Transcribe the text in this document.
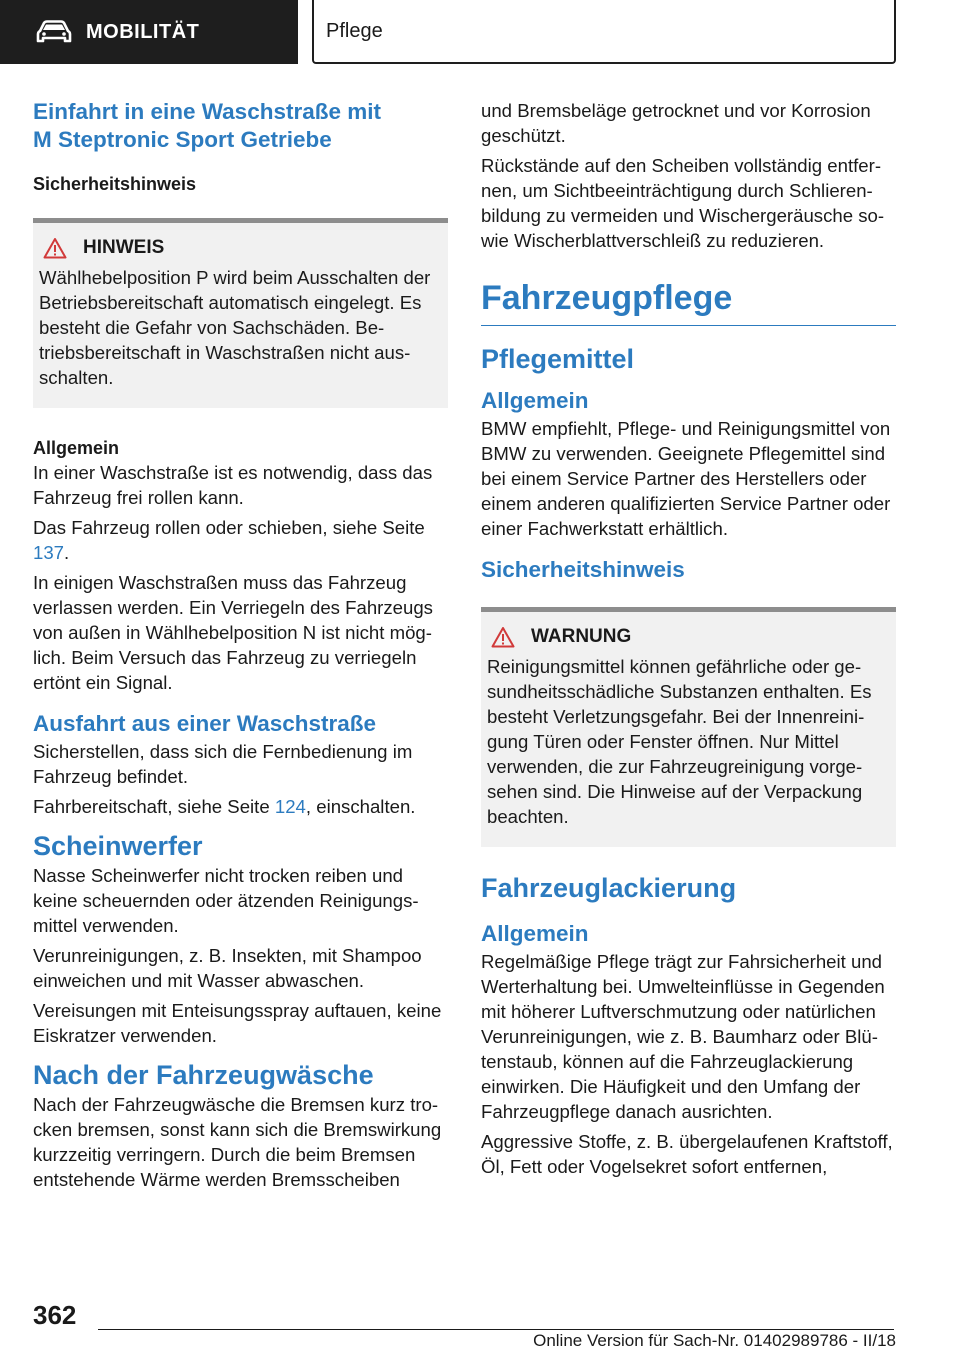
MOBILITÄT	Pflege
Einfahrt in eine Waschstraße mit
M Steptronic Sport Getriebe
Sicherheitshinweis
HINWEIS

Wählhebelposition P wird beim Ausschalten der Betriebsbereitschaft automatisch eingelegt. Es besteht die Gefahr von Sachschäden. Betriebsbereitschaft in Waschstraßen nicht ausschalten.

Allgemein

In einer Waschstraße ist es notwendig, dass das Fahrzeug frei rollen kann.

Das Fahrzeug rollen oder schieben, siehe Seite 137.

In einigen Waschstraßen muss das Fahrzeug verlassen werden. Ein Verriegeln des Fahrzeugs von außen in Wählhebelposition N ist nicht möglich. Beim Versuch das Fahrzeug zu verriegeln ertönt ein Signal.

Ausfahrt aus einer Waschstraße

Sicherstellen, dass sich die Fernbedienung im Fahrzeug befindet.

Fahrbereitschaft, siehe Seite 124, einschalten.

Scheinwerfer

Nasse Scheinwerfer nicht trocken reiben und keine scheuernden oder ätzenden Reinigungsmittel verwenden.

Verunreinigungen, z. B. Insekten, mit Shampoo einweichen und mit Wasser abwaschen.

Vereisungen mit Enteisungsspray auftauen, keine Eiskratzer verwenden.

Nach der Fahrzeugwäsche

Nach der Fahrzeugwäsche die Bremsen kurz trocken bremsen, sonst kann sich die Bremswirkung kurzzeitig verringern. Durch die beim Bremsen entstehende Wärme werden Bremsscheiben

und Bremsbeläge getrocknet und vor Korrosion geschützt.

Rückstände auf den Scheiben vollständig entfernen, um Sichtbeeinträchtigung durch Schlierenbildung zu vermeiden und Wischergeräusche sowie Wischerblattverschleiß zu reduzieren.

Fahrzeugpflege
Pflegemittel
Allgemein

BMW empfiehlt, Pflege- und Reinigungsmittel von BMW zu verwenden. Geeignete Pflegemittel sind bei einem Service Partner des Herstellers oder einem anderen qualifizierten Service Partner oder einer Fachwerkstatt erhältlich.

Sicherheitshinweis
WARNUNG

Reinigungsmittel können gefährliche oder gesundheitsschädliche Substanzen enthalten. Es besteht Verletzungsgefahr. Bei der Innenreinigung Türen oder Fenster öffnen. Nur Mittel verwenden, die zur Fahrzeugreinigung vorgesehen sind. Die Hinweise auf der Verpackung beachten.

Fahrzeuglackierung
Allgemein

Regelmäßige Pflege trägt zur Fahrsicherheit und Werterhaltung bei. Umwelteinflüsse in Gegenden mit höherer Luftverschmutzung oder natürlichen Verunreinigungen, wie z. B. Baumharz oder Blütenstaub, können auf die Fahrzeuglackierung einwirken. Die Häufigkeit und den Umfang der Fahrzeugpflege danach ausrichten.

Aggressive Stoffe, z. B. übergelaufenen Kraftstoff, Öl, Fett oder Vogelsekret sofort entfernen,

362
Online Version für Sach-Nr. 01402989786 - II/18
